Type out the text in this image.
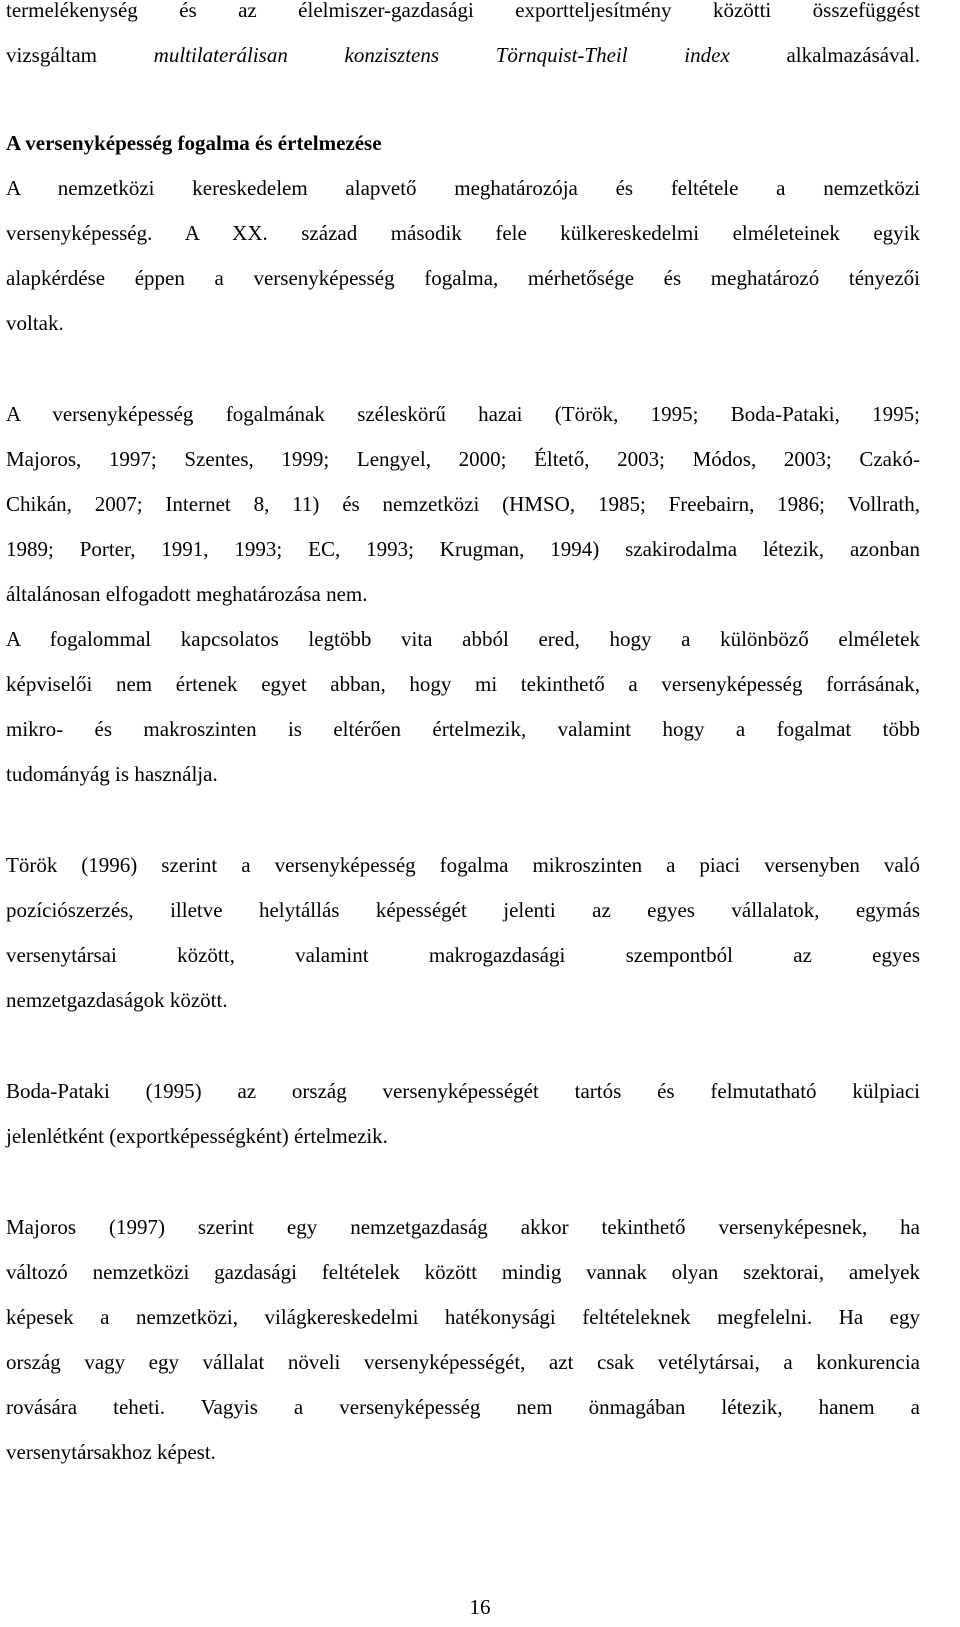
termelékenység és az élelmiszer-gazdasági exportteljesítmény közötti összefüggést
vizsgáltam multilaterálisan konzisztens Törnquist-Theil index alkalmazásával.
A versenyképesség fogalma és értelmezése
A nemzetközi kereskedelem alapvető meghatározója és feltétele a nemzetközi
versenyképesség. A XX. század második fele külkereskedelmi elméleteinek egyik
alapkérdése éppen a versenyképesség fogalma, mérhetősége és meghatározó tényezői
voltak.
A versenyképesség fogalmának széleskörű hazai (Török, 1995; Boda-Pataki, 1995;
Majoros, 1997; Szentes, 1999; Lengyel, 2000; Éltető, 2003; Módos, 2003; Czakó-
Chikán, 2007; Internet 8, 11) és nemzetközi (HMSO, 1985; Freebairn, 1986; Vollrath,
1989; Porter, 1991, 1993; EC, 1993; Krugman, 1994) szakirodalma létezik, azonban
általánosan elfogadott meghatározása nem.
A fogalommal kapcsolatos legtöbb vita abból ered, hogy a különböző elméletek
képviselői nem értenek egyet abban, hogy mi tekinthető a versenyképesség forrásának,
mikro- és makroszinten is eltérően értelmezik, valamint hogy a fogalmat több
tudományág is használja.
Török (1996) szerint a versenyképesség fogalma mikroszinten a piaci versenyben való
pozíciószerzés, illetve helytállás képességét jelenti az egyes vállalatok, egymás
versenytársai között, valamint makrogazdasági szempontból az egyes
nemzetgazdaságok között.
Boda-Pataki (1995) az ország versenyképességét tartós és felmutatható külpiaci
jelenlétként (exportképességként) értelmezik.
Majoros (1997) szerint egy nemzetgazdaság akkor tekinthető versenyképesnek, ha
változó nemzetközi gazdasági feltételek között mindig vannak olyan szektorai, amelyek
képesek a nemzetközi, világkereskedelmi hatékonysági feltételeknek megfelelni. Ha egy
ország vagy egy vállalat növeli versenyképességét, azt csak vetélytársai, a konkurencia
rovására teheti. Vagyis a versenyképesség nem önmagában létezik, hanem a
versenytársakhoz képest.
16
